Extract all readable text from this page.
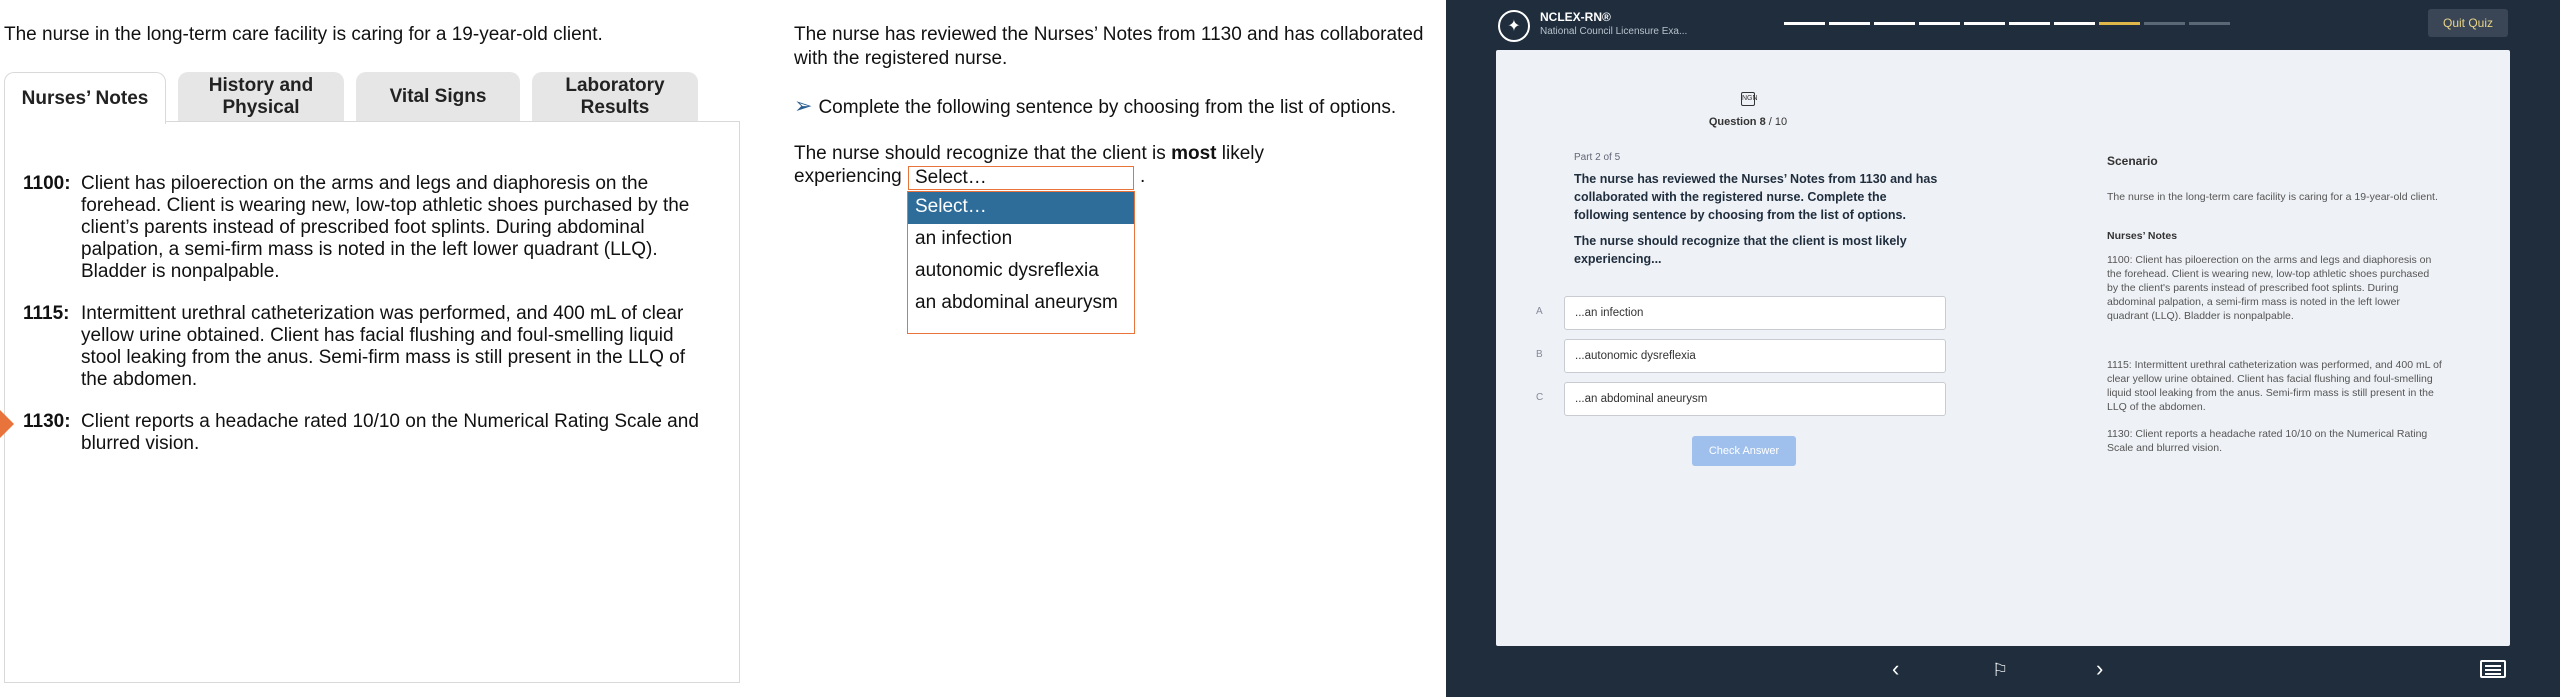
The nurse in the long-term care facility is caring for a 19-year-old client.
Nurses’ Notes
History and Physical
Vital Signs
Laboratory Results
1100: Client has piloerection on the arms and legs and diaphoresis on the forehead. Client is wearing new, low-top athletic shoes purchased by the client’s parents instead of prescribed foot splints. During abdominal palpation, a semi-firm mass is noted in the left lower quadrant (LLQ). Bladder is nonpalpable.
1115: Intermittent urethral catheterization was performed, and 400 mL of clear yellow urine obtained. Client has facial flushing and foul-smelling liquid stool leaking from the anus. Semi-firm mass is still present in the LLQ of the abdomen.
1130: Client reports a headache rated 10/10 on the Numerical Rating Scale and blurred vision.
The nurse has reviewed the Nurses’ Notes from 1130 and has collaborated
with the registered nurse.
➢ Complete the following sentence by choosing from the list of options.
The nurse should recognize that the client is most likely
experiencing	.
Select…
Select…
an infection
autonomic dysreflexia
an abdominal aneurysm
✦
NCLEX-RN®
National Council Licensure Exa...
Quit Quiz
NGN
Question 8 / 10
Part 2 of 5
The nurse has reviewed the Nurses’ Notes from 1130 and has collaborated with the registered nurse. Complete the following sentence by choosing from the list of options.
The nurse should recognize that the client is most likely experiencing...
A	...an infection
B	...autonomic dysreflexia
C	...an abdominal aneurysm
Check Answer
Scenario
The nurse in the long-term care facility is caring for a 19-year-old client.
Nurses’ Notes
1100: Client has piloerection on the arms and legs and diaphoresis on the forehead. Client is wearing new, low-top athletic shoes purchased by the client's parents instead of prescribed foot splints. During abdominal palpation, a semi-firm mass is noted in the left lower quadrant (LLQ). Bladder is nonpalpable.
1115: Intermittent urethral catheterization was performed, and 400 mL of clear yellow urine obtained. Client has facial flushing and foul-smelling liquid stool leaking from the anus. Semi-firm mass is still present in the LLQ of the abdomen.
1130: Client reports a headache rated 10/10 on the Numerical Rating Scale and blurred vision.
‹	⚐	›
